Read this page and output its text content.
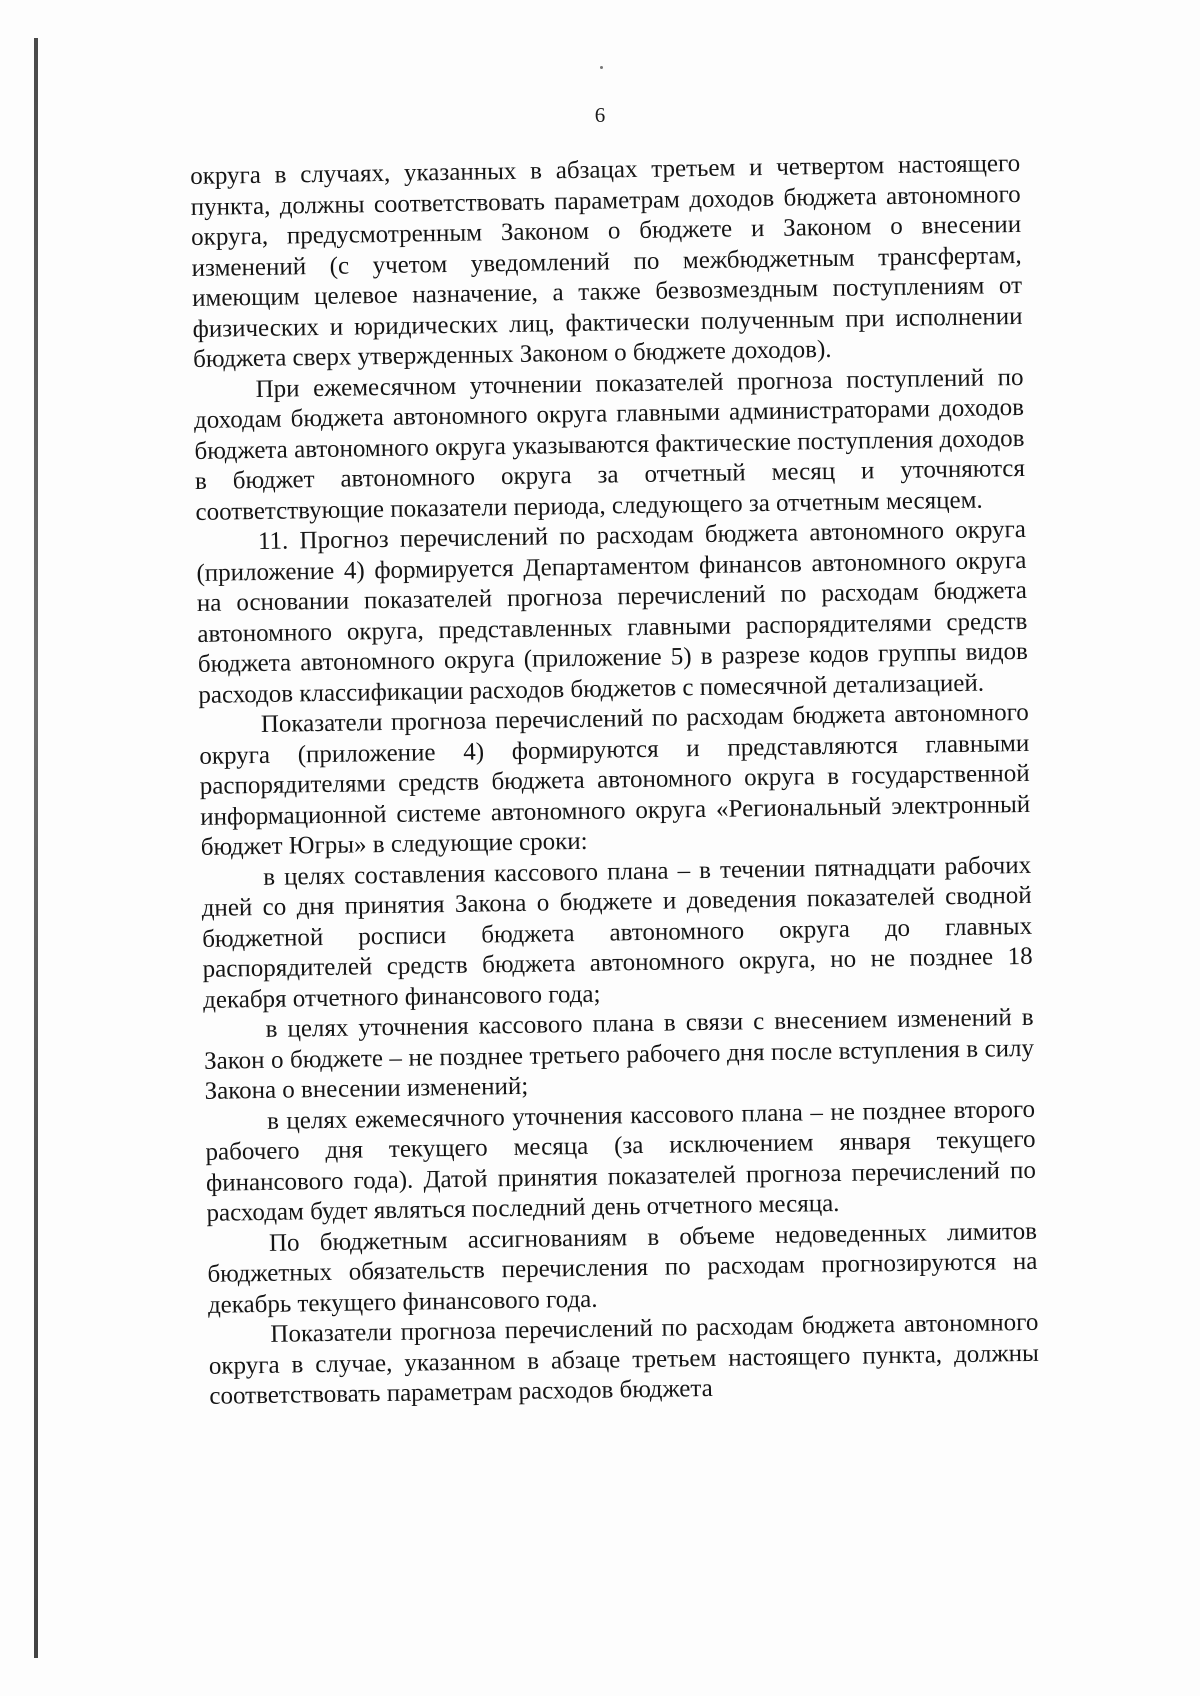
6

округа в случаях, указанных в абзацах третьем и четвертом настоящего пункта, должны соответствовать параметрам доходов бюджета автономного округа, предусмотренным Законом о бюджете и Законом о внесении изменений (с учетом уведомлений по межбюджетным трансфертам, имеющим целевое назначение, а также безвозмездным поступлениям от физических и юридических лиц, фактически полученным при исполнении бюджета сверх утвержденных Законом о бюджете доходов).

При ежемесячном уточнении показателей прогноза поступлений по доходам бюджета автономного округа главными администраторами доходов бюджета автономного округа указываются фактические поступления доходов в бюджет автономного округа за отчетный месяц и уточняются соответствующие показатели периода, следующего за отчетным месяцем.

11. Прогноз перечислений по расходам бюджета автономного округа (приложение 4) формируется Департаментом финансов автономного округа на основании показателей прогноза перечислений по расходам бюджета автономного округа, представленных главными распорядителями средств бюджета автономного округа (приложение 5) в разрезе кодов группы видов расходов классификации расходов бюджетов с помесячной детализацией.

Показатели прогноза перечислений по расходам бюджета автономного округа (приложение 4) формируются и представляются главными распорядителями средств бюджета автономного округа в государственной информационной системе автономного округа «Региональный электронный бюджет Югры» в следующие сроки:

в целях составления кассового плана – в течении пятнадцати рабочих дней со дня принятия Закона о бюджете и доведения показателей сводной бюджетной росписи бюджета автономного округа до главных распорядителей средств бюджета автономного округа, но не позднее 18 декабря отчетного финансового года;

в целях уточнения кассового плана в связи с внесением изменений в Закон о бюджете – не позднее третьего рабочего дня после вступления в силу Закона о внесении изменений;

в целях ежемесячного уточнения кассового плана – не позднее второго рабочего дня текущего месяца (за исключением января текущего финансового года). Датой принятия показателей прогноза перечислений по расходам будет являться последний день отчетного месяца.

По бюджетным ассигнованиям в объеме недоведенных лимитов бюджетных обязательств перечисления по расходам прогнозируются на декабрь текущего финансового года.

Показатели прогноза перечислений по расходам бюджета автономного округа в случае, указанном в абзаце третьем настоящего пункта, должны соответствовать параметрам расходов бюджета
